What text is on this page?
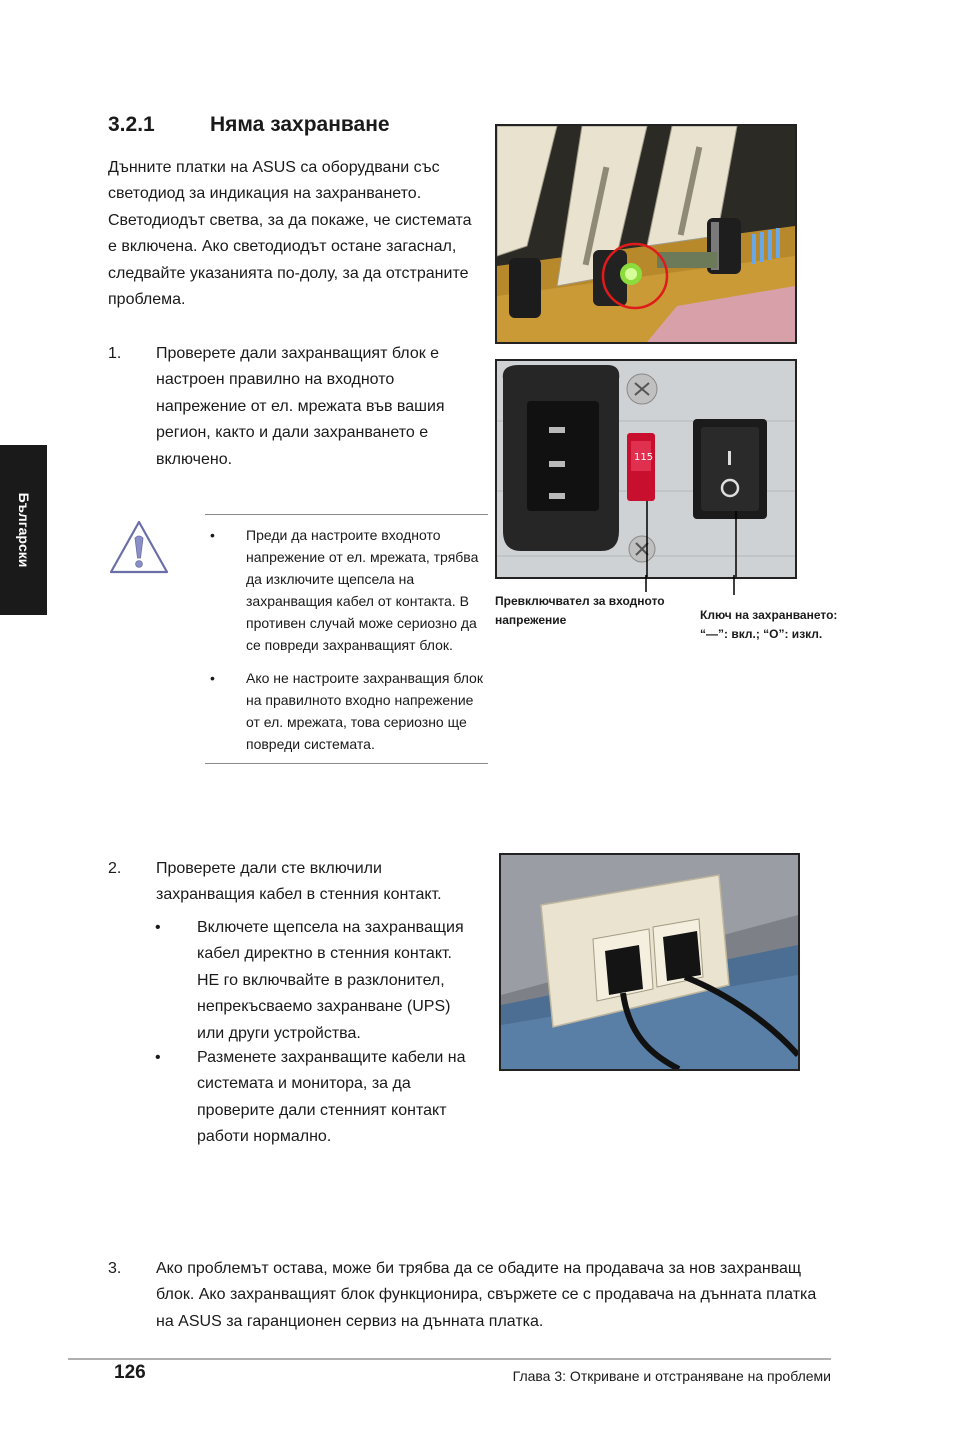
Български
3.2.1	Няма захранване
Дънните платки на ASUS са оборудвани със светодиод за индикация на захранването. Светодиодът светва, за да покаже, че системата е включена. Ако светодиодът остане загаснал, следвайте указанията по-долу, за да отстраните проблема.
1. Проверете дали захранващият блок е настроен правилно на входното напрежение от ел. мрежата във вашия регион, както и дали захранването е включено.
• Преди да настроите входното напрежение от ел. мрежата, трябва да изключите щепсела на захранващия кабел от контакта. В противен случай може сериозно да се повреди захранващият блок.
• Ако не настроите захранващия блок на правилното входно напрежение от ел. мрежата, това сериозно ще повреди системата.
115
Превключвател за входното напрежение	Ключ на захранването: “—”: вкл.; “O”: изкл.
2. Проверете дали сте включили захранващия кабел в стенния контакт.
• Включете щепсела на захранващия кабел директно в стенния контакт. НЕ го включвайте в разклонител, непрекъсваемо захранване (UPS) или други устройства.
• Разменете захранващите кабели на системата и монитора, за да проверите дали стенният контакт работи нормално.
3. Ако проблемът остава, може би трябва да се обадите на продавача за нов захранващ блок. Ако захранващият блок функционира, свържете се с продавача на дънната платка на ASUS за гаранционен сервиз на дънната платка.
126	Глава 3: Откриване и отстраняване на проблеми
